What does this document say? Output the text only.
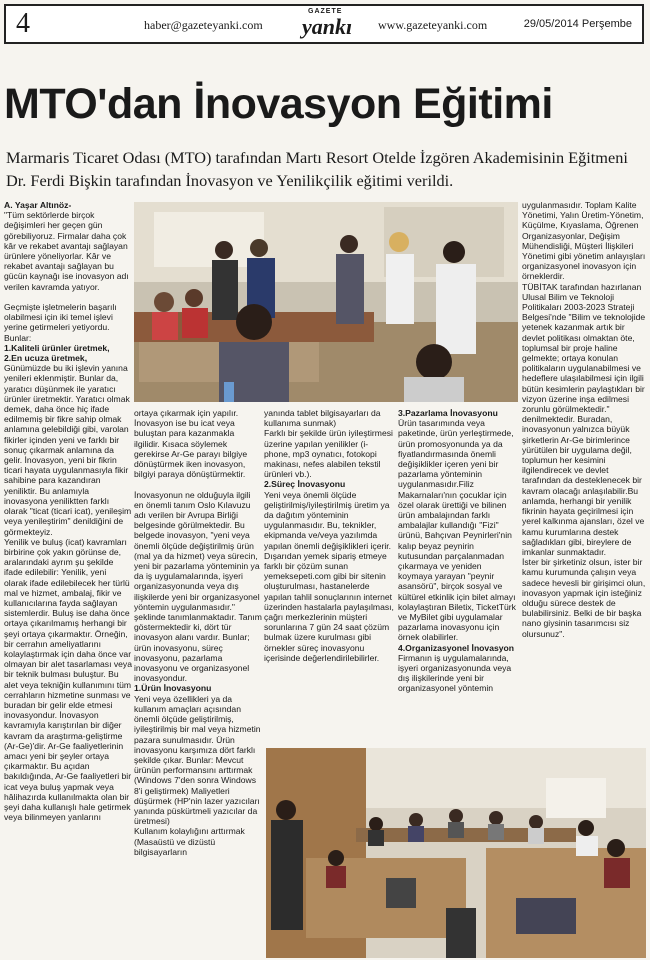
4	haber@gazeteyanki.com
GAZETE
yankı www.gazeteyanki.com	29/05/2014 Perşembe
MTO'dan İnovasyon Eğitimi
Marmaris Ticaret Odası (MTO) tarafından Martı Resort Otelde İzgören Akademisinin Eğitmeni Dr. Ferdi Bişkin tarafından İnovasyon ve Yenilikçilik eğitimi verildi.
A. Yaşar Altınöz-
"Tüm sektörlerde birçok değişimleri her geçen gün görebiliyoruz. Firmalar daha çok kâr ve rekabet avantajı sağlayan ürünlere yöneliyorlar. Kâr ve rekabet avantajı sağlayan bu gücün kaynağı ise inovasyon adı verilen kavramda yatıyor.

Geçmişte işletmelerin başarılı olabilmesi için iki temel işlevi yerine getirmeleri yetiyordu. Bunlar:
1.Kaliteli ürünler üretmek,
2.En ucuza üretmek,
Günümüzde bu iki işlevin yanına yenileri eklenmiştir. Bunlar da, yaratıcı düşünmek ile yaratıcı ürünler üretmektir. Yaratıcı olmak demek, daha önce hiç ifade edilmemiş bir fikre sahip olmak anlamına gelebildiği gibi, varolan fikirler içinden yeni ve farklı bir sonuç çıkarmak anlamına da gelir. İnovasyon, yeni bir fikrin ticari hayata uygulanmasıyla fikir sahibine para kazandıran yeniliktir. Bu anlamıyla inovasyona yeniliktten farklı olarak "ticat (ticari icat), yenileşim veya yenileştirim" denildiğini de görmekteyiz.
Yenilik ve buluş (icat) kavramları birbirine çok yakın görünse de, aralarındaki ayrım şu şekilde ifade edilebilir: Yenilik, yeni olarak ifade edilebilecek her türlü mal ve hizmet, ambalaj, fikir ve kullanıcılarına fayda sağlayan sistemlerdir. Buluş ise daha önce ortaya çıkarılmamış herhangi bir şeyi ortaya çıkarmaktır. Örneğin, bir cerrahın ameliyatlarını kolaylaştırmak için daha önce var olmayan bir alet tasarlaması veya bir teknik bulması buluştur. Bu alet veya tekniğin kullanımını tüm cerrahların hizmetine sunması ve buradan bir gelir elde etmesi inovasyondur. İnovasyon kavramıyla karıştırılan bir diğer kavram da araştırma-geliştirme (Ar-Ge)'dir. Ar-Ge faaliyetlerinin amacı yeni bir şeyler ortaya çıkarmaktır. Bu açıdan bakıldığında, Ar-Ge faaliyetleri bir icat veya buluş yapmak veya hâlihazırda kullanılmakta olan bir şeyi daha kullanışlı hale getirmek veya bilinmeyen yanlarını
ortaya çıkarmak için yapılır. İnovasyon ise bu icat veya buluştan para kazanmakla ilgilidir. Kısaca söylemek gerekirse Ar-Ge parayı bilgiye dönüştürmek iken inovasyon, bilgiyi paraya dönüştürmektir.

İnovasyonun ne olduğuyla ilgili en önemli tanım Oslo Kılavuzu adı verilen bir Avrupa Birliği belgesinde görülmektedir. Bu belgede inovasyon, "yeni veya önemli ölçüde değiştirilmiş ürün (mal ya da hizmet) veya sürecin, yeni bir pazarlama yönteminin ya da iş uygulamalarında, işyeri organizasyonunda veya dış ilişkilerde yeni bir organizasyonel yöntemin uygulanmasıdır." şeklinde tanımlanmaktadır. Tanım göstermektedir ki, dört tür inovasyon alanı vardır. Bunlar; ürün inovasyonu, süreç inovasyonu, pazarlama inovasyonu ve organizasyonel inovasyondur.
1.Ürün İnovasyonu
Yeni veya özellikleri ya da kullanım amaçları açısından önemli ölçüde geliştirilmiş, iyileştirilmiş bir mal veya hizmetin pazara sunulmasıdır. Ürün inovasyonu karşımıza dört farklı şekilde çıkar. Bunlar: Mevcut ürünün performansını arttırmak (Windows 7'den sonra Windows 8'i geliştirmek) Maliyetleri düşürmek (HP'nin lazer yazıcıları yanında püskürtmeli yazıcılar da üretmesi)
Kullanım kolaylığını arttırmak (Masaüstü ve dizüstü bilgisayarların
yanında tablet bilgisayarları da kullanıma sunmak)
Farklı bir şekilde ürün iyileştirmesi üzerine yapılan yenilikler (i-phone, mp3 oynatıcı, fotokopi makinası, nefes alabilen tekstil ürünleri vb.).
2.Süreç İnovasyonu
Yeni veya önemli ölçüde geliştirilmiş/iyileştirilmiş üretim ya da dağıtım yönteminin uygulanmasıdır. Bu, teknikler, ekipmanda ve/veya yazılımda yapılan önemli değişiklikleri içerir. Dışarıdan yemek sipariş etmeye farklı bir çözüm sunan yemeksepeti.com gibi bir sitenin oluşturulması, hastanelerde yapılan tahlil sonuçlarının internet üzerinden hastalarla paylaşılması, çağrı merkezlerinin müşteri sorunlarına 7 gün 24 saat çözüm bulmak üzere kurulması gibi örnekler süreç inovasyonu içerisinde değerlendirilebilirler.
3.Pazarlama İnovasyonu
Ürün tasarımında veya paketinde, ürün yerleştirmede, ürün promosyonunda ya da fiyatlandırmasında önemli değişiklikler içeren yeni bir pazarlama yönteminin uygulanmasıdır.Filiz Makarnaları'nın çocuklar için özel olarak ürettiği ve bilinen ürün ambalajından farklı ambalajlar kullandığı "Fizi" ürünü, Bahçıvan Peynirleri'nin kalıp beyaz peynirin kutusundan parçalanmadan çıkarmaya ve yeniden koymaya yarayan "peynir asansörü", birçok sosyal ve kültürel etkinlik için bilet almayı kolaylaştıran Biletix, TicketTürk ve MyBilet gibi uygulamalar pazarlama inovasyonu için örnek olabilirler.
4.Organizasyonel İnovasyon
Firmanın iş uygulamalarında, işyeri organizasyonunda veya dış ilişkilerinde yeni bir organizasyonel yöntemin
uygulanmasıdır. Toplam Kalite Yönetimi, Yalın Üretim-Yönetim, Küçülme, Kıyaslama, Öğrenen Organizasyonlar, Değişim Mühendisliği, Müşteri İlişkileri Yönetimi gibi yönetim anlayışları organizasyonel inovasyon için örneklerdir.
TÜBİTAK tarafından hazırlanan Ulusal Bilim ve Teknoloji Politikaları 2003-2023 Strateji Belgesi'nde "Bilim ve teknolojide yetenek kazanmak artık bir devlet politikası olmaktan öte, toplumsal bir proje haline gelmekte; ortaya konulan politikaların uygulanabilmesi ve hedeflere ulaşılabilmesi için ilgili bütün kesimlerin paylaştıkları bir vizyon üzerine inşa edilmesi zorunlu görülmektedir." denilmektedir. Buradan, inovasyonun yalnızca büyük şirketlerin Ar-Ge birimlerince yürütülen bir uygulama değil, toplumun her kesimini ilgilendirecek ve devlet tarafından da desteklenecek bir kavram olacağı anlaşılabilir.Bu anlamda, herhangi bir yenilik fikrinin hayata geçirilmesi için yerel kalkınma ajansları, özel ve kamu kurumlarına destek sağladıkları gibi, bireylere de imkanlar sunmaktadır.
İster bir şirketiniz olsun, ister bir kamu kurumunda çalışın veya sadece hevesli bir girişimci olun, inovasyon yapmak için isteğiniz olduğu sürece destek de bulabilirsiniz. Belki de bir başka nano giysinin tasarımcısı siz olursunuz".
